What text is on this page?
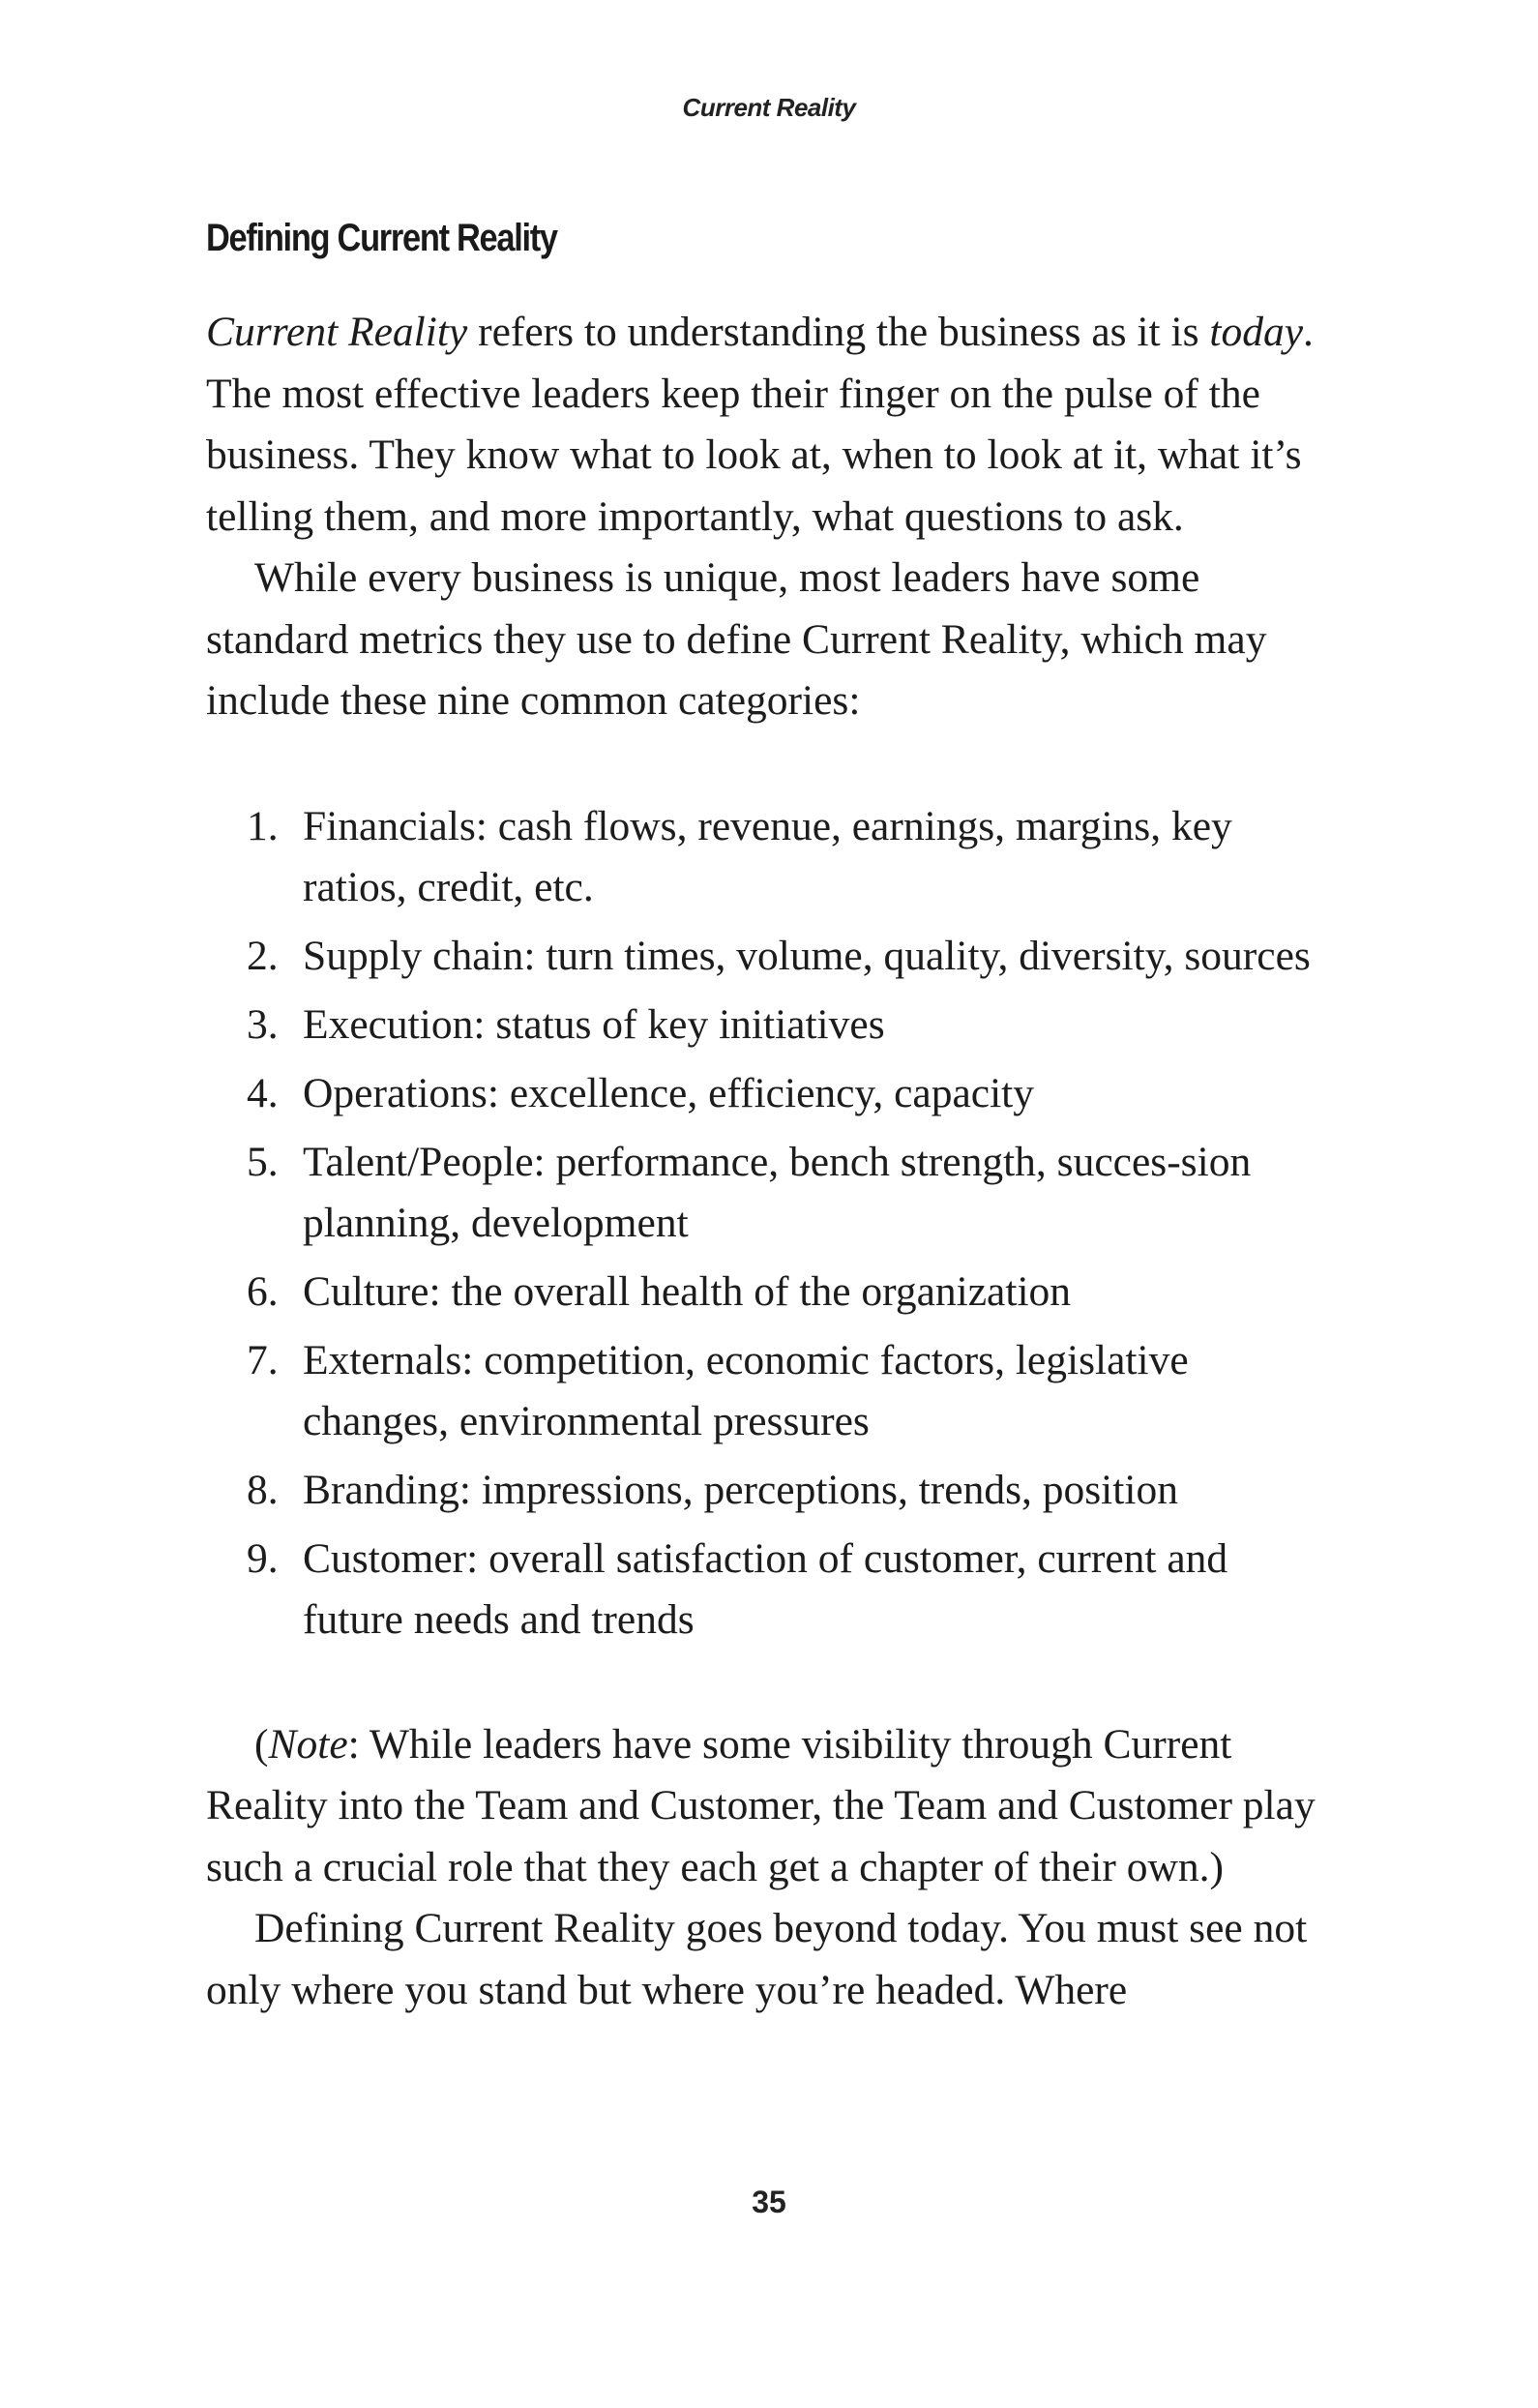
Current Reality
Defining Current Reality

Current Reality refers to understanding the business as it is today. The most effective leaders keep their finger on the pulse of the business. They know what to look at, when to look at it, what it’s telling them, and more importantly, what questions to ask.

While every business is unique, most leaders have some standard metrics they use to define Current Reality, which may include these nine common categories:

1. Financials: cash flows, revenue, earnings, margins, key ratios, credit, etc.
2. Supply chain: turn times, volume, quality, diversity, sources
3. Execution: status of key initiatives
4. Operations: excellence, efficiency, capacity
5. Talent/People: performance, bench strength, succes-sion planning, development
6. Culture: the overall health of the organization
7. Externals: competition, economic factors, legislative changes, environmental pressures
8. Branding: impressions, perceptions, trends, position
9. Customer: overall satisfaction of customer, current and future needs and trends

(Note: While leaders have some visibility through Current Reality into the Team and Customer, the Team and Customer play such a crucial role that they each get a chapter of their own.)

Defining Current Reality goes beyond today. You must see not only where you stand but where you’re headed. Where

35
